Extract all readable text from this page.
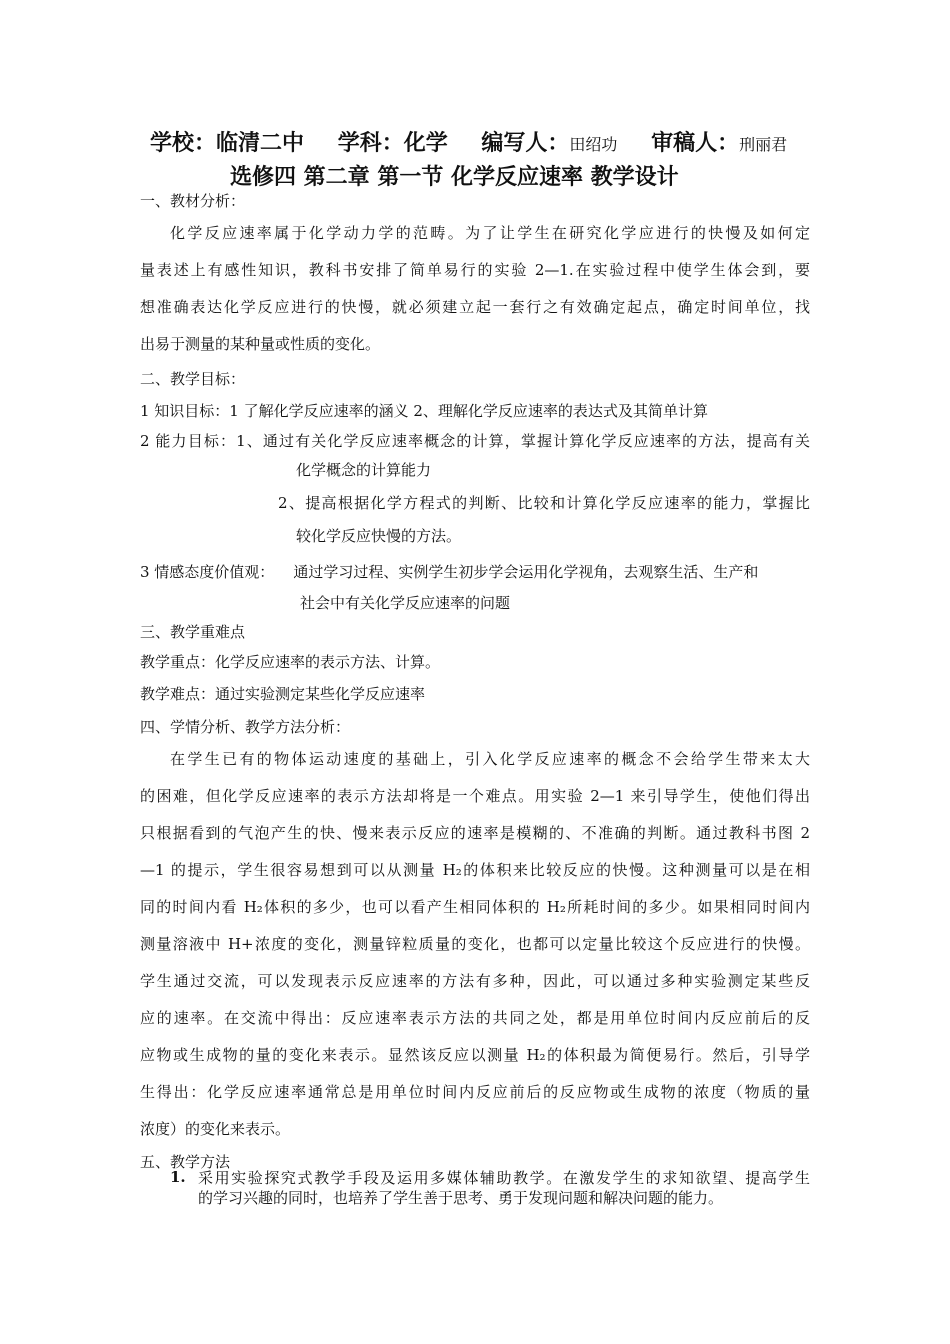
学校：临清二中 学科：化学 编写人：田绍功 审稿人：刑丽君
选修四 第二章 第一节 化学反应速率 教学设计
一、教材分析：
化学反应速率属于化学动力学的范畴。为了让学生在研究化学应进行的快慢及如何定
量表述上有感性知识，教科书安排了简单易行的实验 2—1.在实验过程中使学生体会到，要
想准确表达化学反应进行的快慢，就必须建立起一套行之有效确定起点，确定时间单位，找
出易于测量的某种量或性质的变化。
二、教学目标：
1 知识目标：1 了解化学反应速率的涵义 2、理解化学反应速率的表达式及其简单计算
2 能力目标：1、通过有关化学反应速率概念的计算，掌握计算化学反应速率的方法，提高有关
化学概念的计算能力
2、提高根据化学方程式的判断、比较和计算化学反应速率的能力，掌握比
较化学反应快慢的方法。
3 情感态度价值观：    通过学习过程、实例学生初步学会运用化学视角，去观察生活、生产和
社会中有关化学反应速率的问题
三、教学重难点
教学重点：化学反应速率的表示方法、计算。
教学难点：通过实验测定某些化学反应速率
四、学情分析、教学方法分析：
在学生已有的物体运动速度的基础上，引入化学反应速率的概念不会给学生带来太大
的困难，但化学反应速率的表示方法却将是一个难点。用实验 2—1 来引导学生，使他们得出
只根据看到的气泡产生的快、慢来表示反应的速率是模糊的、不准确的判断。通过教科书图 2
—1 的提示，学生很容易想到可以从测量 H₂的体积来比较反应的快慢。这种测量可以是在相
同的时间内看 H₂体积的多少，也可以看产生相同体积的 H₂所耗时间的多少。如果相同时间内
测量溶液中 H+浓度的变化，测量锌粒质量的变化，也都可以定量比较这个反应进行的快慢。
学生通过交流，可以发现表示反应速率的方法有多种，因此，可以通过多种实验测定某些反
应的速率。在交流中得出：反应速率表示方法的共同之处，都是用单位时间内反应前后的反
应物或生成物的量的变化来表示。显然该反应以测量 H₂的体积最为简便易行。然后，引导学
生得出：化学反应速率通常总是用单位时间内反应前后的反应物或生成物的浓度（物质的量
浓度）的变化来表示。
五、教学方法
1. 采用实验探究式教学手段及运用多媒体辅助教学。在激发学生的求知欲望、提高学生
的学习兴趣的同时，也培养了学生善于思考、勇于发现问题和解决问题的能力。
